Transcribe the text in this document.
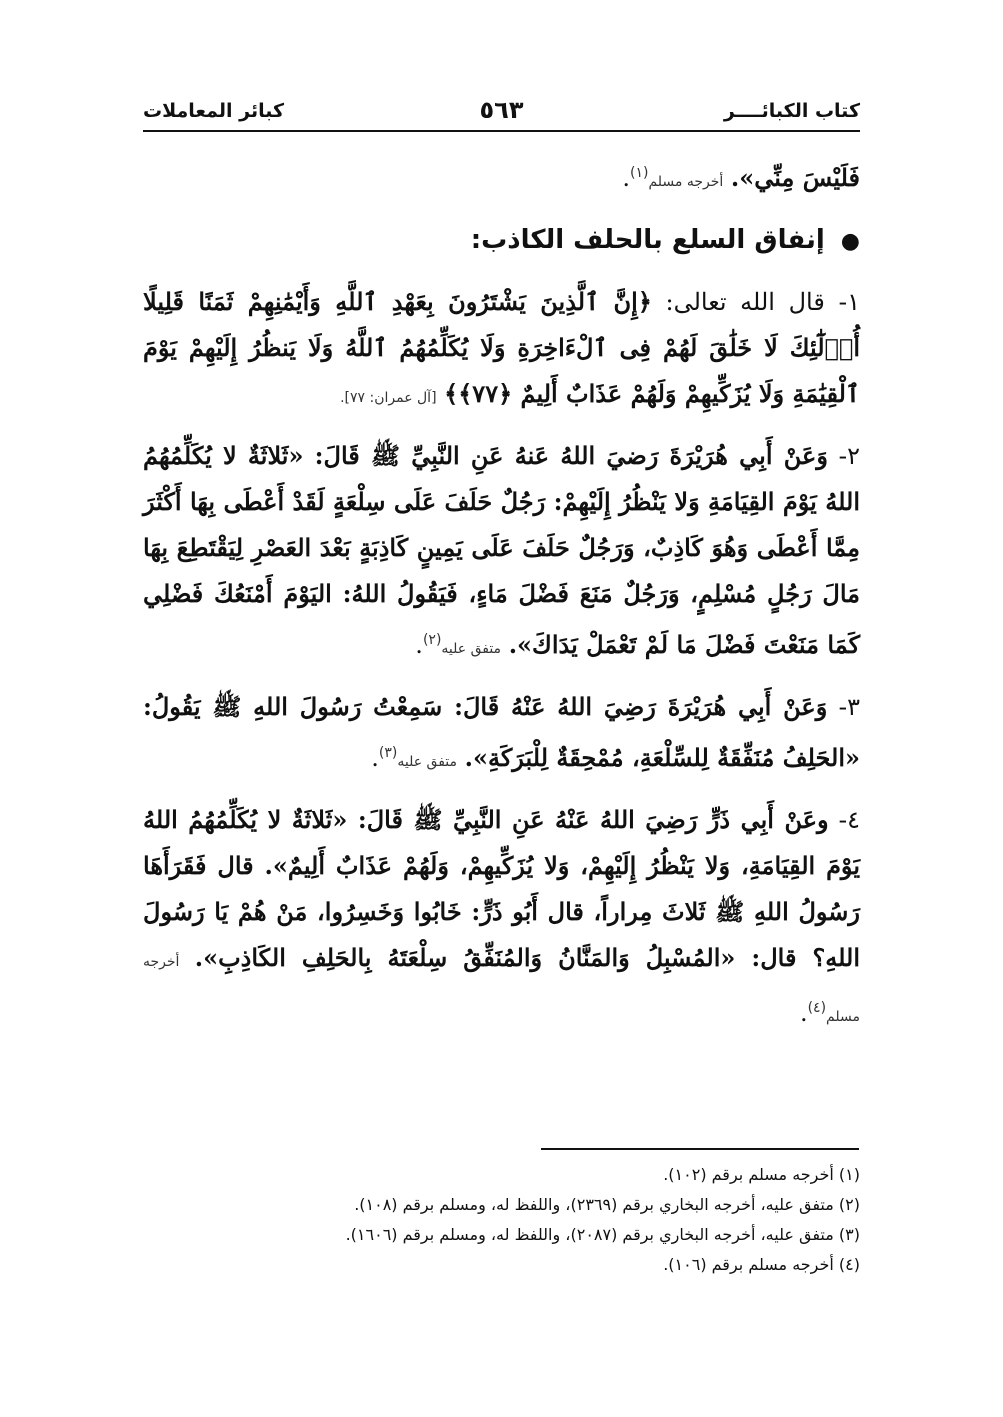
كتاب الكبائــــر
٥٦٣
كبائر المعاملات

فَلَيْسَ مِنِّي». أخرجه مسلم$^{(١)}$.

●إنفاق السلع بالحلف الكاذب:

١- قال الله تعالى: ﴿إِنَّ ٱلَّذِينَ يَشْتَرُونَ بِعَهْدِ ٱللَّهِ وَأَيْمَٰنِهِمْ ثَمَنًا قَلِيلًا أُو۟لَٰٓئِكَ لَا خَلَٰقَ لَهُمْ فِى ٱلْءَاخِرَةِ وَلَا يُكَلِّمُهُمُ ٱللَّهُ وَلَا يَنظُرُ إِلَيْهِمْ يَوْمَ ٱلْقِيَٰمَةِ وَلَا يُزَكِّيهِمْ وَلَهُمْ عَذَابٌ أَلِيمٌ ﴿٧٧﴾﴾ [آل عمران: ٧٧].

٢- وَعَنْ أَبِي هُرَيْرَةَ رَضيَ اللهُ عَنهُ عَنِ النَّبِيِّ ﷺ قَالَ: «ثَلاثَةٌ لا يُكَلِّمُهُمُ اللهُ يَوْمَ القِيَامَةِ وَلا يَنْظُرُ إِلَيْهِمْ: رَجُلٌ حَلَفَ عَلَى سِلْعَةٍ لَقَدْ أَعْطَى بِهَا أَكْثَرَ مِمَّا أَعْطَى وَهُوَ كَاذِبٌ، وَرَجُلٌ حَلَفَ عَلَى يَمِينٍ كَاذِبَةٍ بَعْدَ العَصْرِ لِيَقْتَطِعَ بِهَا مَالَ رَجُلٍ مُسْلِمٍ، وَرَجُلٌ مَنَعَ فَضْلَ مَاءٍ، فَيَقُولُ اللهُ: اليَوْمَ أَمْنَعُكَ فَضْلِي كَمَا مَنَعْتَ فَضْلَ مَا لَمْ تَعْمَلْ يَدَاكَ». متفق عليه$^{(٢)}$.

٣- وَعَنْ أَبِي هُرَيْرَةَ رَضِيَ اللهُ عَنْهُ قَالَ: سَمِعْتُ رَسُولَ اللهِ ﷺ يَقُولُ: «الحَلِفُ مُنَفِّقَةٌ لِلسِّلْعَةِ، مُمْحِقَةٌ لِلْبَرَكَةِ». متفق عليه$^{(٣)}$.

٤- وعَنْ أَبِي ذَرٍّ رَضِيَ اللهُ عَنْهُ عَنِ النَّبِيِّ ﷺ قَالَ: «ثَلاثَةٌ لا يُكَلِّمُهُمُ اللهُ يَوْمَ القِيَامَةِ، وَلا يَنْظُرُ إِلَيْهِمْ، وَلا يُزَكِّيهِمْ، وَلَهُمْ عَذَابٌ أَلِيمٌ». قال فَقَرَأَهَا رَسُولُ اللهِ ﷺ ثَلاثَ مِراراً، قال أَبُو ذَرٍّ: خَابُوا وَخَسِرُوا، مَنْ هُمْ يَا رَسُولَ اللهِ؟ قال: «المُسْبِلُ وَالمَنَّانُ وَالمُنَفِّقُ سِلْعَتَهُ بِالحَلِفِ الكَاذِبِ». أخرجه مسلم$^{(٤)}$.

(١) أخرجه مسلم برقم (١٠٢).
(٢) متفق عليه، أخرجه البخاري برقم (٢٣٦٩)، واللفظ له، ومسلم برقم (١٠٨).
(٣) متفق عليه، أخرجه البخاري برقم (٢٠٨٧)، واللفظ له، ومسلم برقم (١٦٠٦).
(٤) أخرجه مسلم برقم (١٠٦).
